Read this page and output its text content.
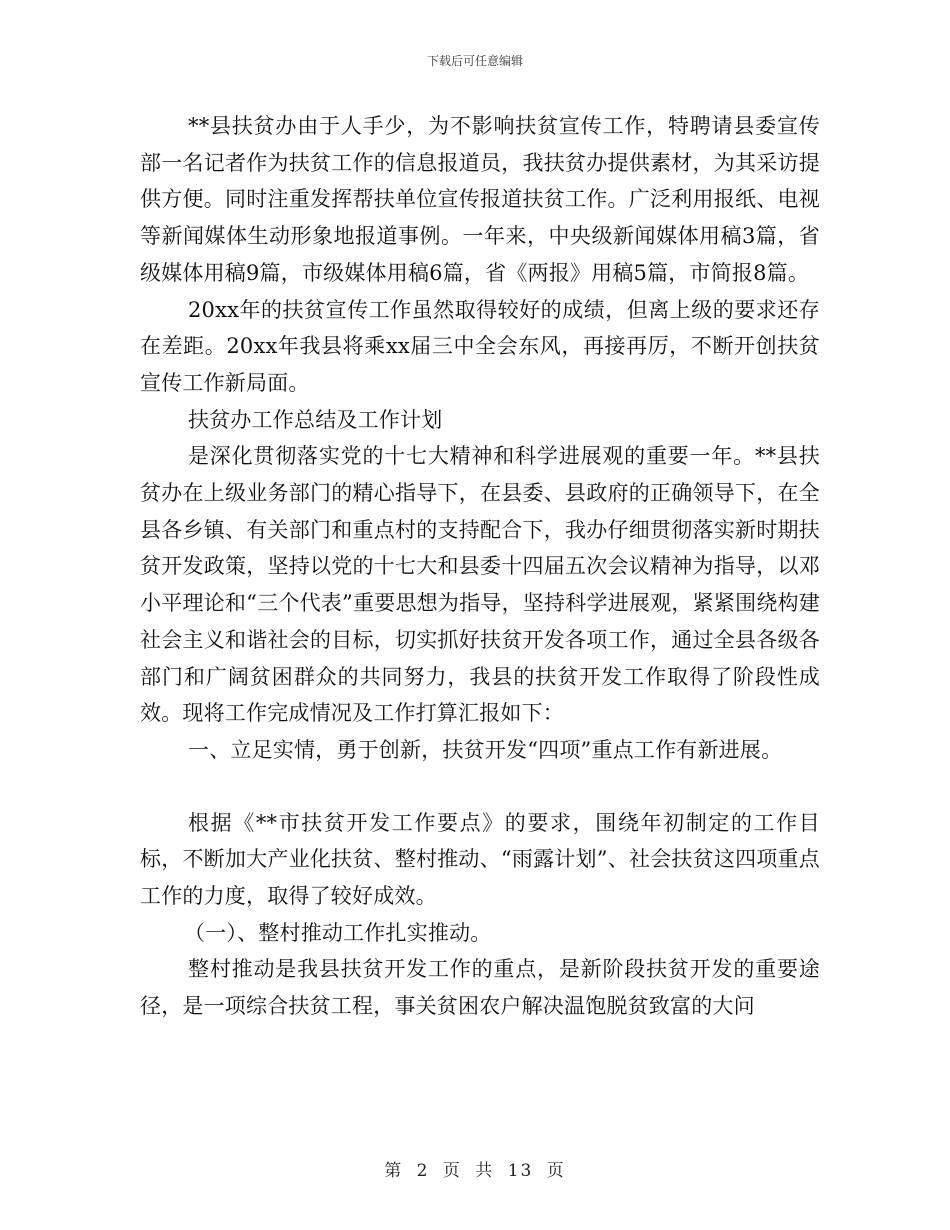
下载后可任意编辑

**县扶贫办由于人手少，为不影响扶贫宣传工作，特聘请县委宣传部一名记者作为扶贫工作的信息报道员，我扶贫办提供素材，为其采访提供方便。同时注重发挥帮扶单位宣传报道扶贫工作。广泛利用报纸、电视等新闻媒体生动形象地报道事例。一年来，中央级新闻媒体用稿3篇，省级媒体用稿9篇，市级媒体用稿6篇，省《两报》用稿5篇，市简报8篇。

20xx年的扶贫宣传工作虽然取得较好的成绩，但离上级的要求还存在差距。20xx年我县将乘xx届三中全会东风，再接再厉，不断开创扶贫宣传工作新局面。

扶贫办工作总结及工作计划

是深化贯彻落实党的十七大精神和科学进展观的重要一年。**县扶贫办在上级业务部门的精心指导下，在县委、县政府的正确领导下，在全县各乡镇、有关部门和重点村的支持配合下，我办仔细贯彻落实新时期扶贫开发政策，坚持以党的十七大和县委十四届五次会议精神为指导，以邓小平理论和“三个代表”重要思想为指导，坚持科学进展观，紧紧围绕构建社会主义和谐社会的目标，切实抓好扶贫开发各项工作，通过全县各级各部门和广阔贫困群众的共同努力，我县的扶贫开发工作取得了阶段性成效。现将工作完成情况及工作打算汇报如下：

一、立足实情，勇于创新，扶贫开发“四项”重点工作有新进展。

根据《**市扶贫开发工作要点》的要求，围绕年初制定的工作目标，不断加大产业化扶贫、整村推动、“雨露计划”、社会扶贫这四项重点工作的力度，取得了较好成效。

（一）、整村推动工作扎实推动。

整村推动是我县扶贫开发工作的重点，是新阶段扶贫开发的重要途径，是一项综合扶贫工程，事关贫困农户解决温饱脱贫致富的大问

第 2 页 共 13 页
